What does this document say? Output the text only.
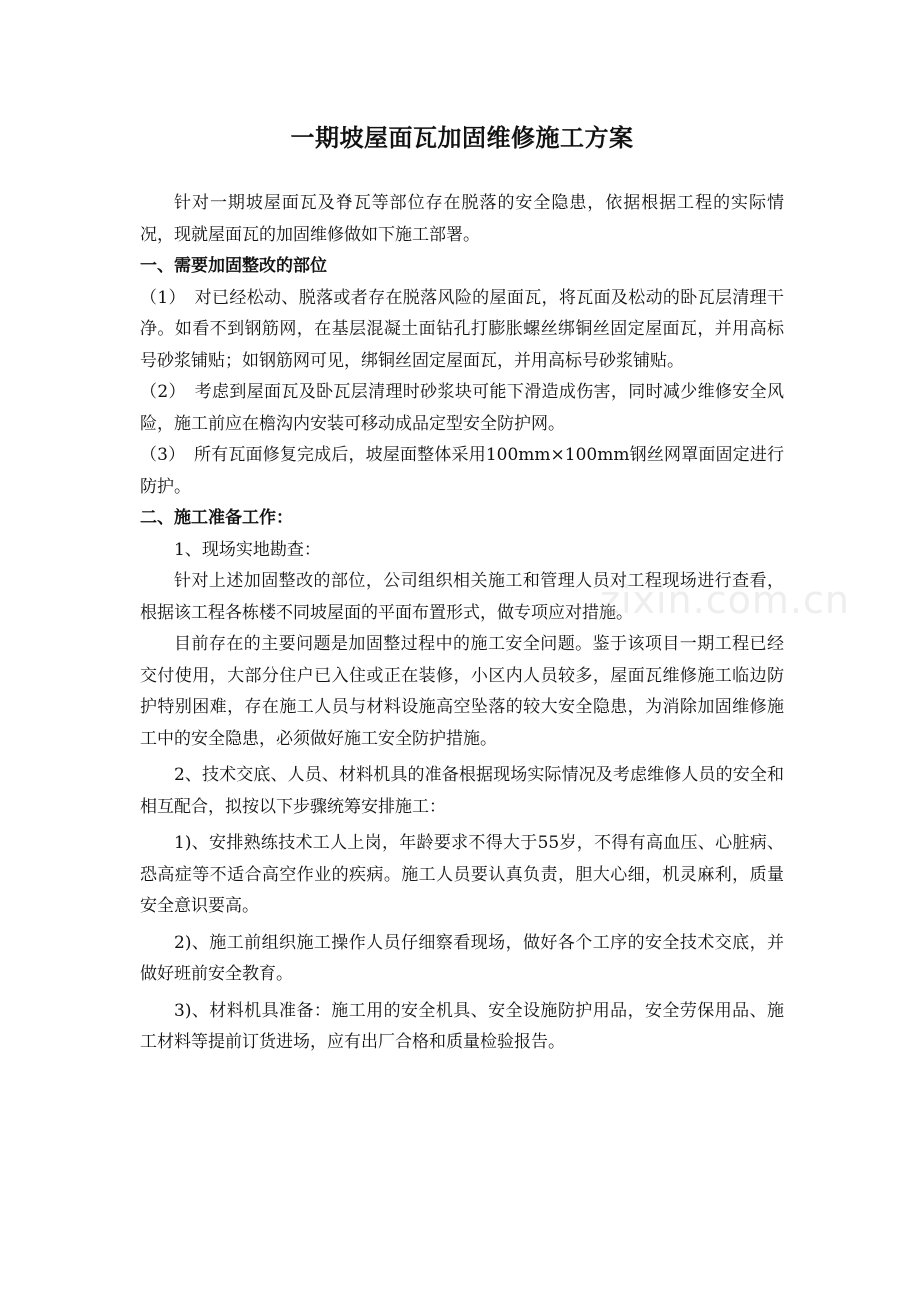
一期坡屋面瓦加固维修施工方案

针对一期坡屋面瓦及脊瓦等部位存在脱落的安全隐患，依据根据工程的实际情况，现就屋面瓦的加固维修做如下施工部署。

一、需要加固整改的部位

（1）　对已经松动、脱落或者存在脱落风险的屋面瓦，将瓦面及松动的卧瓦层清理干净。如看不到钢筋网，在基层混凝土面钻孔打膨胀螺丝绑铜丝固定屋面瓦，并用高标号砂浆铺贴；如钢筋网可见，绑铜丝固定屋面瓦，并用高标号砂浆铺贴。

（2）　考虑到屋面瓦及卧瓦层清理时砂浆块可能下滑造成伤害，同时减少维修安全风险，施工前应在檐沟内安装可移动成品定型安全防护网。

（3）　所有瓦面修复完成后，坡屋面整体采用100mm×100mm钢丝网罩面固定进行防护。

二、施工准备工作：

1、现场实地勘查：

针对上述加固整改的部位，公司组织相关施工和管理人员对工程现场进行查看，根据该工程各栋楼不同坡屋面的平面布置形式，做专项应对措施。

目前存在的主要问题是加固整过程中的施工安全问题。鉴于该项目一期工程已经交付使用，大部分住户已入住或正在装修，小区内人员较多，屋面瓦维修施工临边防护特别困难，存在施工人员与材料设施高空坠落的较大安全隐患，为消除加固维修施工中的安全隐患，必须做好施工安全防护措施。

2、技术交底、人员、材料机具的准备根据现场实际情况及考虑维修人员的安全和相互配合，拟按以下步骤统筹安排施工：

1)、安排熟练技术工人上岗，年龄要求不得大于55岁，不得有高血压、心脏病、恐高症等不适合高空作业的疾病。施工人员要认真负责，胆大心细，机灵麻利，质量安全意识要高。

2)、施工前组织施工操作人员仔细察看现场，做好各个工序的安全技术交底，并做好班前安全教育。

3)、材料机具准备：施工用的安全机具、安全设施防护用品，安全劳保用品、施工材料等提前订货进场，应有出厂合格和质量检验报告。

zixin.com.cn
